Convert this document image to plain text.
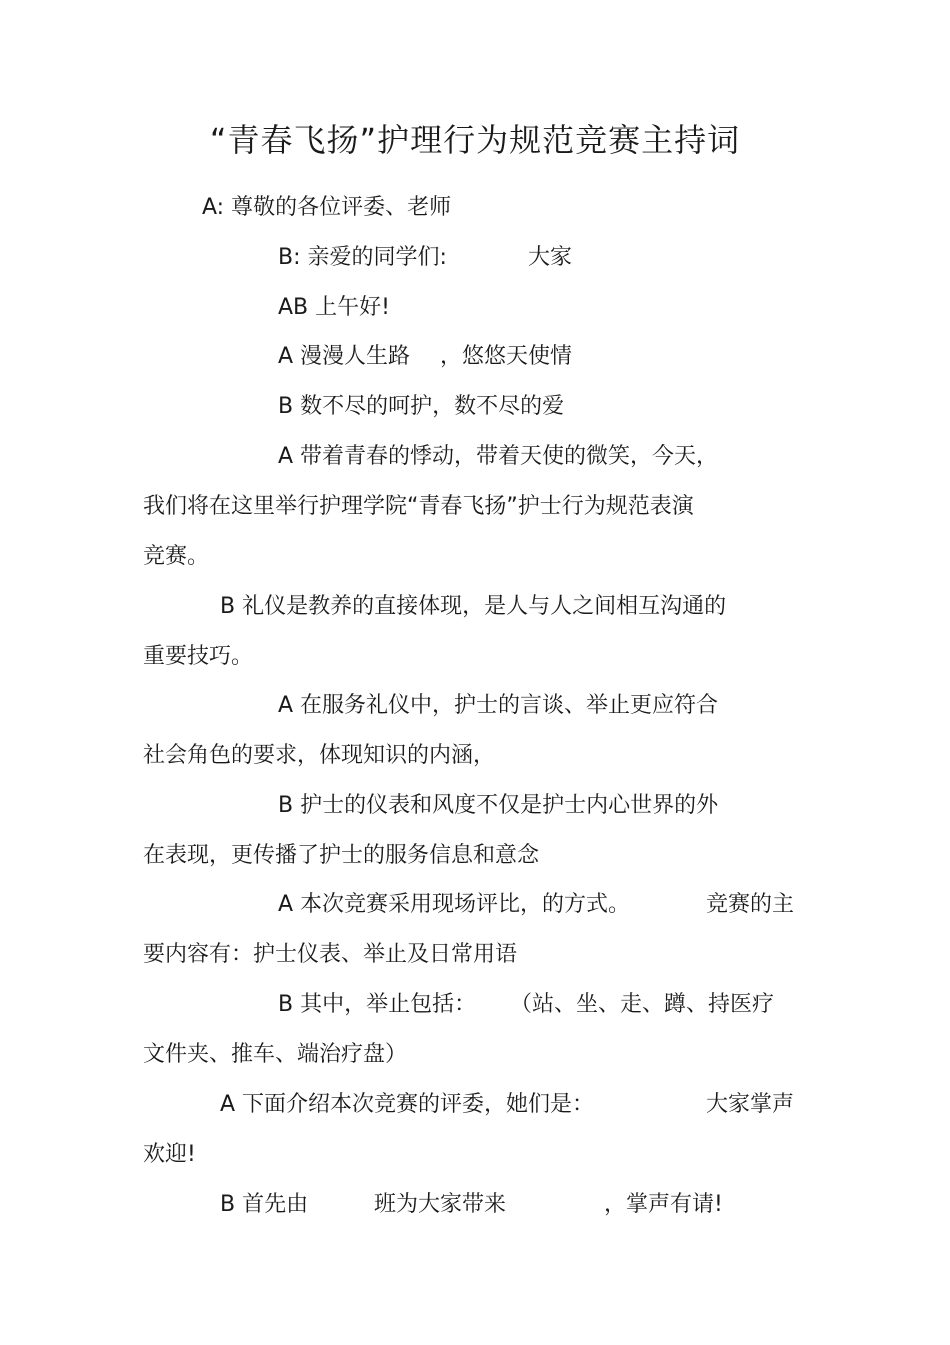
“青春飞扬”护理行为规范竞赛主持词
A: 尊敬的各位评委、老师
B: 亲爱的同学们:	大家
AB 上午好!
A 漫漫人生路 ，悠悠天使情
B 数不尽的呵护，数不尽的爱
A 带着青春的悸动，带着天使的微笑，今天，
我们将在这里举行护理学院“青春飞扬”护士行为规范表演
竞赛。
B 礼仪是教养的直接体现，是人与人之间相互沟通的
重要技巧。
A 在服务礼仪中，护士的言谈、举止更应符合
社会角色的要求，体现知识的内涵，
B 护士的仪表和风度不仅是护士内心世界的外
在表现，更传播了护士的服务信息和意念
A 本次竞赛采用现场评比，的方式。	竞赛的主
要内容有：护士仪表、举止及日常用语
B 其中，举止包括： （站、坐、走、蹲、持医疗
文件夹、推车、端治疗盘）
A 下面介绍本次竞赛的评委，她们是：	大家掌声
欢迎!
B 首先由	班为大家带来	，掌声有请!
